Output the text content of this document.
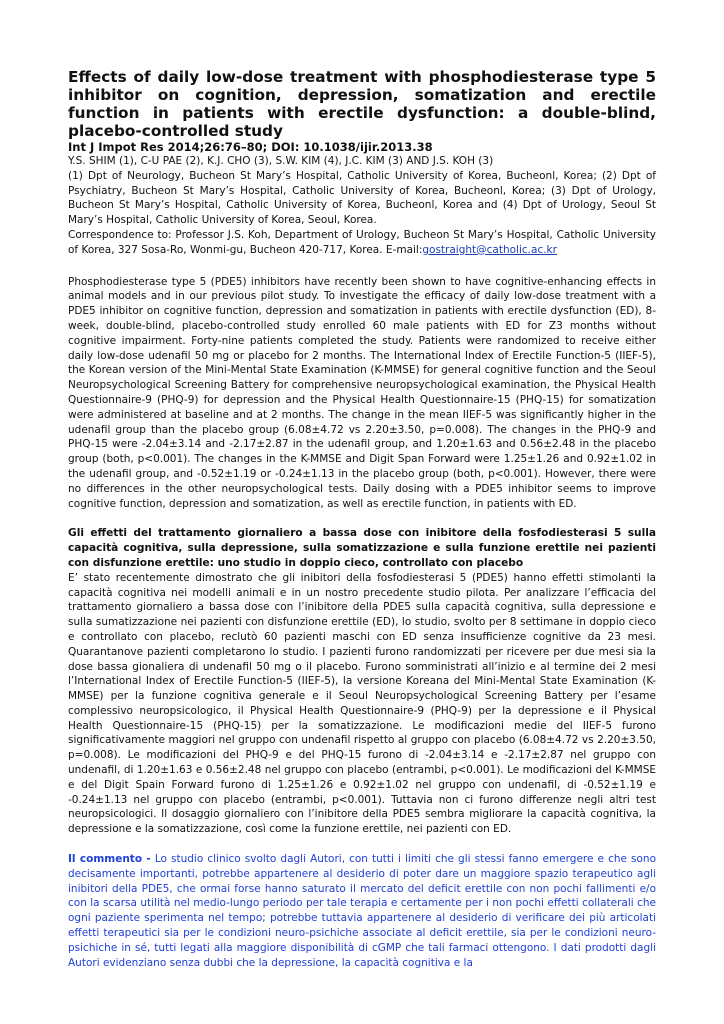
Effects of daily low-dose treatment with phosphodiesterase type 5 inhibitor on cognition, depression, somatization and erectile function in patients with erectile dysfunction: a double-blind, placebo-controlled study

Int J Impot Res 2014;26:76–80; DOI: 10.1038/ijir.2013.38

Y.S. SHIM (1), C-U PAE (2), K.J. CHO (3), S.W. KIM (4), J.C. KIM (3) AND J.S. KOH (3)

(1) Dpt of Neurology, Bucheon St Mary’s Hospital, Catholic University of Korea, Bucheonl, Korea; (2) Dpt of Psychiatry, Bucheon St Mary’s Hospital, Catholic University of Korea, Bucheonl, Korea; (3) Dpt of Urology, Bucheon St Mary’s Hospital, Catholic University of Korea, Bucheonl, Korea and (4) Dpt of Urology, Seoul St Mary’s Hospital, Catholic University of Korea, Seoul, Korea.

Correspondence to: Professor J.S. Koh, Department of Urology, Bucheon St Mary’s Hospital, Catholic University of Korea, 327 Sosa-Ro, Wonmi-gu, Bucheon 420-717, Korea. E-mail:gostraight@catholic.ac.kr

Phosphodiesterase type 5 (PDE5) inhibitors have recently been shown to have cognitive-enhancing effects in animal models and in our previous pilot study. To investigate the efficacy of daily low-dose treatment with a PDE5 inhibitor on cognitive function, depression and somatization in patients with erectile dysfunction (ED), 8-week, double-blind, placebo-controlled study enrolled 60 male patients with ED for Z3 months without cognitive impairment. Forty-nine patients completed the study. Patients were randomized to receive either daily low-dose udenafil 50 mg or placebo for 2 months. The International Index of Erectile Function-5 (IIEF-5), the Korean version of the Mini-Mental State Examination (K-MMSE) for general cognitive function and the Seoul Neuropsychological Screening Battery for comprehensive neuropsychological examination, the Physical Health Questionnaire-9 (PHQ-9) for depression and the Physical Health Questionnaire-15 (PHQ-15) for somatization were administered at baseline and at 2 months. The change in the mean IIEF-5 was significantly higher in the udenafil group than the placebo group (6.08±4.72 vs 2.20±3.50, p=0.008). The changes in the PHQ-9 and PHQ-15 were -2.04±3.14 and -2.17±2.87 in the udenafil group, and 1.20±1.63 and 0.56±2.48 in the placebo group (both, p<0.001). The changes in the K-MMSE and Digit Span Forward were 1.25±1.26 and 0.92±1.02 in the udenafil group, and -0.52±1.19 or -0.24±1.13 in the placebo group (both, p<0.001). However, there were no differences in the other neuropsychological tests. Daily dosing with a PDE5 inhibitor seems to improve cognitive function, depression and somatization, as well as erectile function, in patients with ED.

Gli effetti del trattamento giornaliero a bassa dose con inibitore della fosfodiesterasi 5 sulla capacità cognitiva, sulla depressione, sulla somatizzazione e sulla funzione erettile nei pazienti con disfunzione erettile: uno studio in doppio cieco, controllato con placebo

E’ stato recentemente dimostrato che gli inibitori della fosfodiesterasi 5 (PDE5) hanno effetti stimolanti la capacità cognitiva nei modelli animali e in un nostro precedente studio pilota. Per analizzare l’efficacia del trattamento giornaliero a bassa dose con l’inibitore della PDE5 sulla capacità cognitiva, sulla depressione e sulla sumatizzazione nei pazienti con disfunzione erettile (ED), lo studio, svolto per 8 settimane in doppio cieco e controllato con placebo, reclutò 60 pazienti maschi con ED senza insufficienze cognitive da 23 mesi. Quarantanove pazienti completarono lo studio. I pazienti furono randomizzati per ricevere per due mesi sia la dose bassa gionaliera di undenafil 50 mg o il placebo. Furono somministrati all’inizio e al termine dei 2 mesi l’International Index of Erectile Function-5 (IIEF-5), la versione Koreana del Mini-Mental State Examination (K-MMSE) per la funzione cognitiva generale e il Seoul Neuropsychological Screening Battery per l’esame complessivo neuropsicologico, il Physical Health Questionnaire-9 (PHQ-9) per la depressione e il Physical Health Questionnaire-15 (PHQ-15) per la somatizzazione. Le modificazioni medie del IIEF-5 furono significativamente maggiori nel gruppo con undenafil rispetto al gruppo con placebo (6.08±4.72 vs 2.20±3.50, p=0.008). Le modificazioni del PHQ-9 e del PHQ-15 furono di -2.04±3.14 e -2.17±2.87 nel gruppo con undenafil, di 1.20±1.63 e 0.56±2.48 nel gruppo con placebo (entrambi, p<0.001). Le modificazioni del K-MMSE e del Digit Spain Forward furono di 1.25±1.26 e 0.92±1.02 nel gruppo con undenafil, di -0.52±1.19 e -0.24±1.13 nel gruppo con placebo (entrambi, p<0.001). Tuttavia non ci furono differenze negli altri test neuropsicologici. Il dosaggio giornaliero con l’inibitore della PDE5 sembra migliorare la capacità cognitiva, la depressione e la somatizzazione, così come la funzione erettile, nei pazienti con ED.

Il commento - Lo studio clinico svolto dagli Autori, con tutti i limiti che gli stessi fanno emergere e che sono decisamente importanti, potrebbe appartenere al desiderio di poter dare un maggiore spazio terapeutico agli inibitori della PDE5, che ormai forse hanno saturato il mercato del deficit erettile con non pochi fallimenti e/o con la scarsa utilità nel medio-lungo periodo per tale terapia e certamente per i non pochi effetti collaterali che ogni paziente sperimenta nel tempo; potrebbe tuttavia appartenere al desiderio di verificare dei più articolati effetti terapeutici sia per le condizioni neuro-psichiche associate al deficit erettile, sia per le condizioni neuro-psichiche in sé, tutti legati alla maggiore disponibilità di cGMP che tali farmaci ottengono. I dati prodotti dagli Autori evidenziano senza dubbi che la depressione, la capacità cognitiva e la
